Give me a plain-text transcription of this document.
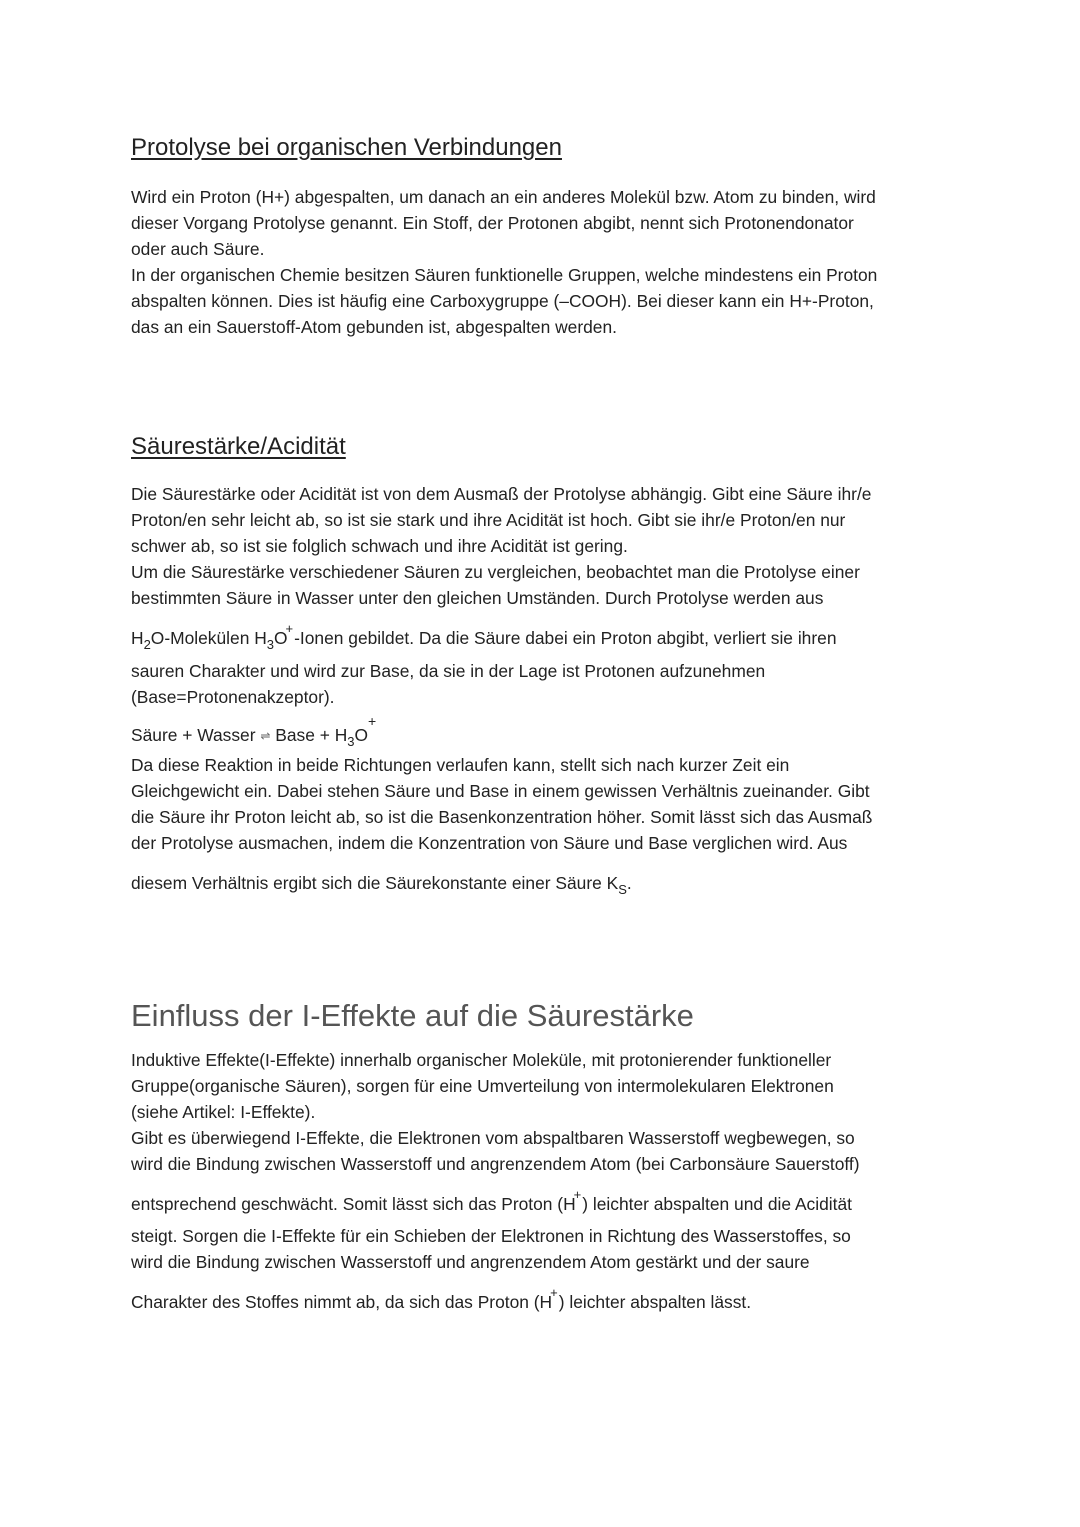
Protolyse bei organischen Verbindungen
Wird ein Proton (H+) abgespalten, um danach an ein anderes Molekül bzw. Atom zu binden, wird
dieser Vorgang Protolyse genannt. Ein Stoff, der Protonen abgibt, nennt sich Protonendonator
oder auch Säure.
In der organischen Chemie besitzen Säuren funktionelle Gruppen, welche mindestens ein Proton
abspalten können. Dies ist häufig eine Carboxygruppe (–COOH). Bei dieser kann ein H+-Proton,
das an ein Sauerstoff-Atom gebunden ist, abgespalten werden.
Säurestärke/Acidität
Die Säurestärke oder Acidität ist von dem Ausmaß der Protolyse abhängig. Gibt eine Säure ihr/e
Proton/en sehr leicht ab, so ist sie stark und ihre Acidität ist hoch. Gibt sie ihr/e Proton/en nur
schwer ab, so ist sie folglich schwach und ihre Acidität ist gering.
Um die Säurestärke verschiedener Säuren zu vergleichen, beobachtet man die Protolyse einer
bestimmten Säure in Wasser unter den gleichen Umständen. Durch Protolyse werden aus
$H_2O$-Molekülen $H_3O^+$-Ionen gebildet. Da die Säure dabei ein Proton abgibt, verliert sie ihren
sauren Charakter und wird zur Base, da sie in der Lage ist Protonen aufzunehmen
(Base=Protonenakzeptor).
Säure + Wasser ⇌ Base + $H_3O^+$
Da diese Reaktion in beide Richtungen verlaufen kann, stellt sich nach kurzer Zeit ein
Gleichgewicht ein. Dabei stehen Säure und Base in einem gewissen Verhältnis zueinander. Gibt
die Säure ihr Proton leicht ab, so ist die Basenkonzentration höher. Somit lässt sich das Ausmaß
der Protolyse ausmachen, indem die Konzentration von Säure und Base verglichen wird. Aus
diesem Verhältnis ergibt sich die Säurekonstante einer Säure $K_S$.
Einfluss der I-Effekte auf die Säurestärke
Induktive Effekte(I-Effekte) innerhalb organischer Moleküle, mit protonierender funktioneller
Gruppe(organische Säuren), sorgen für eine Umverteilung von intermolekularen Elektronen
(siehe Artikel: I-Effekte).
Gibt es überwiegend I-Effekte, die Elektronen vom abspaltbaren Wasserstoff wegbewegen, so
wird die Bindung zwischen Wasserstoff und angrenzendem Atom (bei Carbonsäure Sauerstoff)
entsprechend geschwächt. Somit lässt sich das Proton (H+) leichter abspalten und die Acidität
steigt. Sorgen die I-Effekte für ein Schieben der Elektronen in Richtung des Wasserstoffes, so
wird die Bindung zwischen Wasserstoff und angrenzendem Atom gestärkt und der saure
Charakter des Stoffes nimmt ab, da sich das Proton (H+) leichter abspalten lässt.
